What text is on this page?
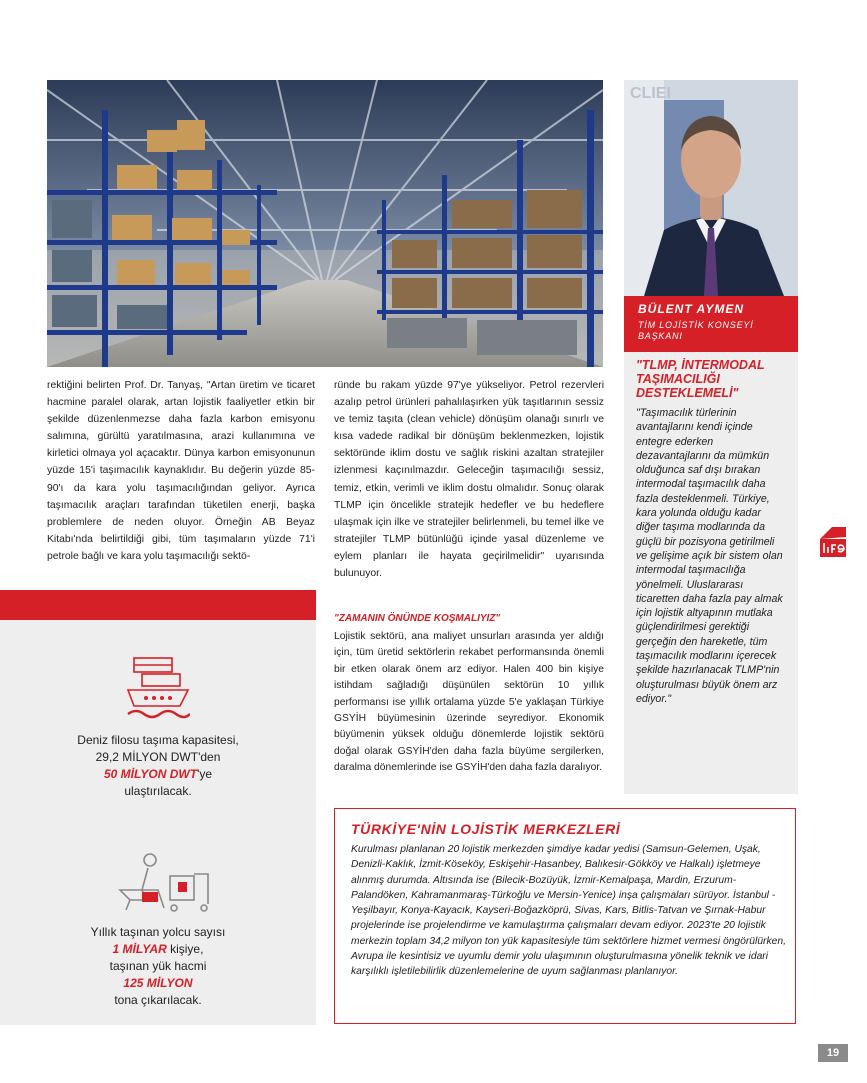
CLIEI
BÜLENT AYMEN
TİM LOJİSTİK KONSEYİ BAŞKANI
"TLMP, İNTERMODAL TAŞIMACILIĞI DESTEKLEMELİ"
"Taşımacılık türlerinin avantajlarını kendi içinde entegre ederken dezavantajlarını da mümkün olduğunca saf dışı bırakan intermodal taşımacılık daha fazla desteklenmeli. Türkiye, kara yolunda olduğu kadar diğer taşıma modlarında da güçlü bir pozisyona getirilmeli ve gelişime açık bir sistem olan intermodal taşımacılığa yönelmeli. Uluslararası ticaretten daha fazla pay almak için lojistik altyapının mutlaka güçlendirilmesi gerektiği gerçeğin den hareketle, tüm taşımacılık modlarını içerecek şekilde hazırlanacak TLMP'nin oluşturulması büyük önem arz ediyor."
rektiğini belirten Prof. Dr. Tanyaş, "Artan üretim ve ticaret hacmine paralel olarak, artan lojistik faaliyetler etkin bir şekilde düzenlenmezse daha fazla karbon emisyonu salımına, gürültü yaratılmasına, arazi kullanımına ve kirletici olmaya yol açacaktır. Dünya karbon emisyonunun yüzde 15'i taşımacılık kaynaklıdır. Bu değerin yüzde 85-90'ı da kara yolu taşımacılığından geliyor. Ayrıca taşımacılık araçları tarafından tüketilen enerji, başka problemlere de neden oluyor. Örneğin AB Beyaz Kitabı'nda belirtildiği gibi, tüm taşımaların yüzde 71'i petrole bağlı ve kara yolu taşımacılığı sektö-
ründe bu rakam yüzde 97'ye yükseliyor. Petrol rezervleri azalıp petrol ürünleri pahalılaşırken yük taşıtlarının sessiz ve temiz taşıta (clean vehicle) dönüşüm olanağı sınırlı ve kısa vadede radikal bir dönüşüm beklenmezken, lojistik sektöründe iklim dostu ve sağlık riskini azaltan stratejiler izlenmesi kaçınılmazdır. Geleceğin taşımacılığı sessiz, temiz, etkin, verimli ve iklim dostu olmalıdır. Sonuç olarak TLMP için öncelikle stratejik hedefler ve bu hedeflere ulaşmak için ilke ve stratejiler belirlenmeli, bu temel ilke ve stratejiler TLMP bütünlüğü içinde yasal düzenleme ve eylem planları ile hayata geçirilmelidir" uyarısında bulunuyor.
"ZAMANIN ÖNÜNDE KOŞMALIYIZ"
Lojistik sektörü, ana maliyet unsurları arasında yer aldığı için, tüm üretid sektörlerin rekabet performansında önemli bir etken olarak önem arz ediyor. Halen 400 bin kişiye istihdam sağladığı düşünülen sektörün 10 yıllık performansı ise yıllık ortalama yüzde 5'e yaklaşan Türkiye GSYİH büyümesinin üzerinde seyrediyor. Ekonomik büyümenin yüksek olduğu dönemlerde lojistik sektörü doğal olarak GSYİH'den daha fazla büyüme sergilerken, daralma dönemlerinde ise GSYİH'den daha fazla daralıyor.
Deniz filosu taşıma kapasitesi,
29,2 MİLYON DWT'den
50 MİLYON DWT'ye
ulaştırılacak.
Yıllık taşınan yolcu sayısı
1 MİLYAR kişiye,
taşınan yük hacmi
125 MİLYON
tona çıkarılacak.
TÜRKİYE'NİN LOJİSTİK MERKEZLERİ
Kurulması planlanan 20 lojistik merkezden şimdiye kadar yedisi (Samsun-Gelemen, Uşak, Denizli-Kaklık, İzmit-Köseköy, Eskişehir-Hasanbey, Balıkesir-Gökköy ve Halkalı) işletmeye alınmış durumda. Altısında ise (Bilecik-Bozüyük, İzmir-Kemalpaşa, Mardin, Erzurum-Palandöken, Kahramanmaraş-Türkoğlu ve Mersin-Yenice) inşa çalışmaları sürüyor. İstanbul -Yeşilbayır, Konya-Kayacık, Kayseri-Boğazköprü, Sivas, Kars, Bitlis-Tatvan ve Şırnak-Habur projelerinde ise projelendirme ve kamulaştırma çalışmaları devam ediyor. 2023'te 20 lojistik merkezin toplam 34,2 milyon ton yük kapasitesiyle tüm sektörlere hizmet vermesi öngörülürken, Avrupa ile kesintisiz ve uyumlu demir yolu ulaşımının oluşturulmasına yönelik teknik ve idari karşılıklı işletilebilirlik düzenlemelerine de uyum sağlanması planlanıyor.
19
